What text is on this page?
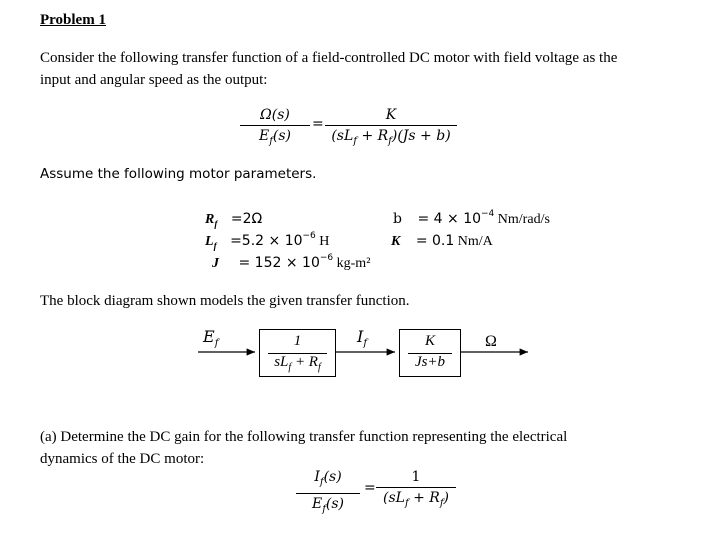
Problem 1
Consider the following transfer function of a field-controlled DC motor with field voltage as the
input and angular speed as the output:
Ω(s)
$E_f(s)$
=
K
$(sL_f + R_f)(Js + b)$
Assume the following motor parameters.
$R_f =2\Omega$
$L_f =5.2 \times 10^{-6}$ H
$J = 152 \times 10^{-6}$ kg-m²
$b = 4 \times 10^{-4}$ Nm/rad/s
K = 0.1 Nm/A
The block diagram shown models the given transfer function.
$E_f$	1
$sL_f + R_f$
$I_f$	K
Js+b
Ω
(a) Determine the DC gain for the following transfer function representing the electrical
dynamics of the DC motor:
$I_f(s)$
$E_f(s)$
=
1
$(sL_f + R_f)$
